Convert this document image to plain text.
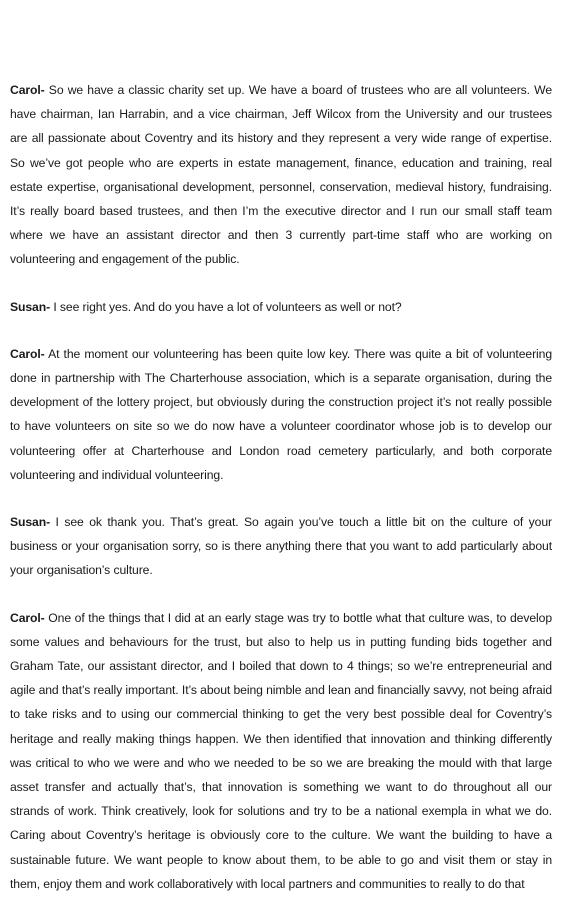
Carol- So we have a classic charity set up. We have a board of trustees who are all volunteers. We have chairman, Ian Harrabin, and a vice chairman, Jeff Wilcox from the University and our trustees are all passionate about Coventry and its history and they represent a very wide range of expertise. So we’ve got people who are experts in estate management, finance, education and training, real estate expertise, organisational development, personnel, conservation, medieval history, fundraising. It’s really board based trustees, and then I’m the executive director and I run our small staff team where we have an assistant director and then 3 currently part-time staff who are working on volunteering and engagement of the public.

Susan- I see right yes. And do you have a lot of volunteers as well or not?

Carol- At the moment our volunteering has been quite low key. There was quite a bit of volunteering done in partnership with The Charterhouse association, which is a separate organisation, during the development of the lottery project, but obviously during the construction project it’s not really possible to have volunteers on site so we do now have a volunteer coordinator whose job is to develop our volunteering offer at Charterhouse and London road cemetery particularly, and both corporate volunteering and individual volunteering.

Susan- I see ok thank you. That’s great. So again you’ve touch a little bit on the culture of your business or your organisation sorry, so is there anything there that you want to add particularly about your organisation’s culture.

Carol- One of the things that I did at an early stage was try to bottle what that culture was, to develop some values and behaviours for the trust, but also to help us in putting funding bids together and Graham Tate, our assistant director, and I boiled that down to 4 things; so we’re entrepreneurial and agile and that’s really important. It’s about being nimble and lean and financially savvy, not being afraid to take risks and to using our commercial thinking to get the very best possible deal for Coventry’s heritage and really making things happen. We then identified that innovation and thinking differently was critical to who we were and who we needed to be so we are breaking the mould with that large asset transfer and actually that’s, that innovation is something we want to do throughout all our strands of work. Think creatively, look for solutions and try to be a national exempla in what we do. Caring about Coventry’s heritage is obviously core to the culture. We want the building to have a sustainable future. We want people to know about them, to be able to go and visit them or stay in them, enjoy them and work collaboratively with local partners and communities to really to do that
